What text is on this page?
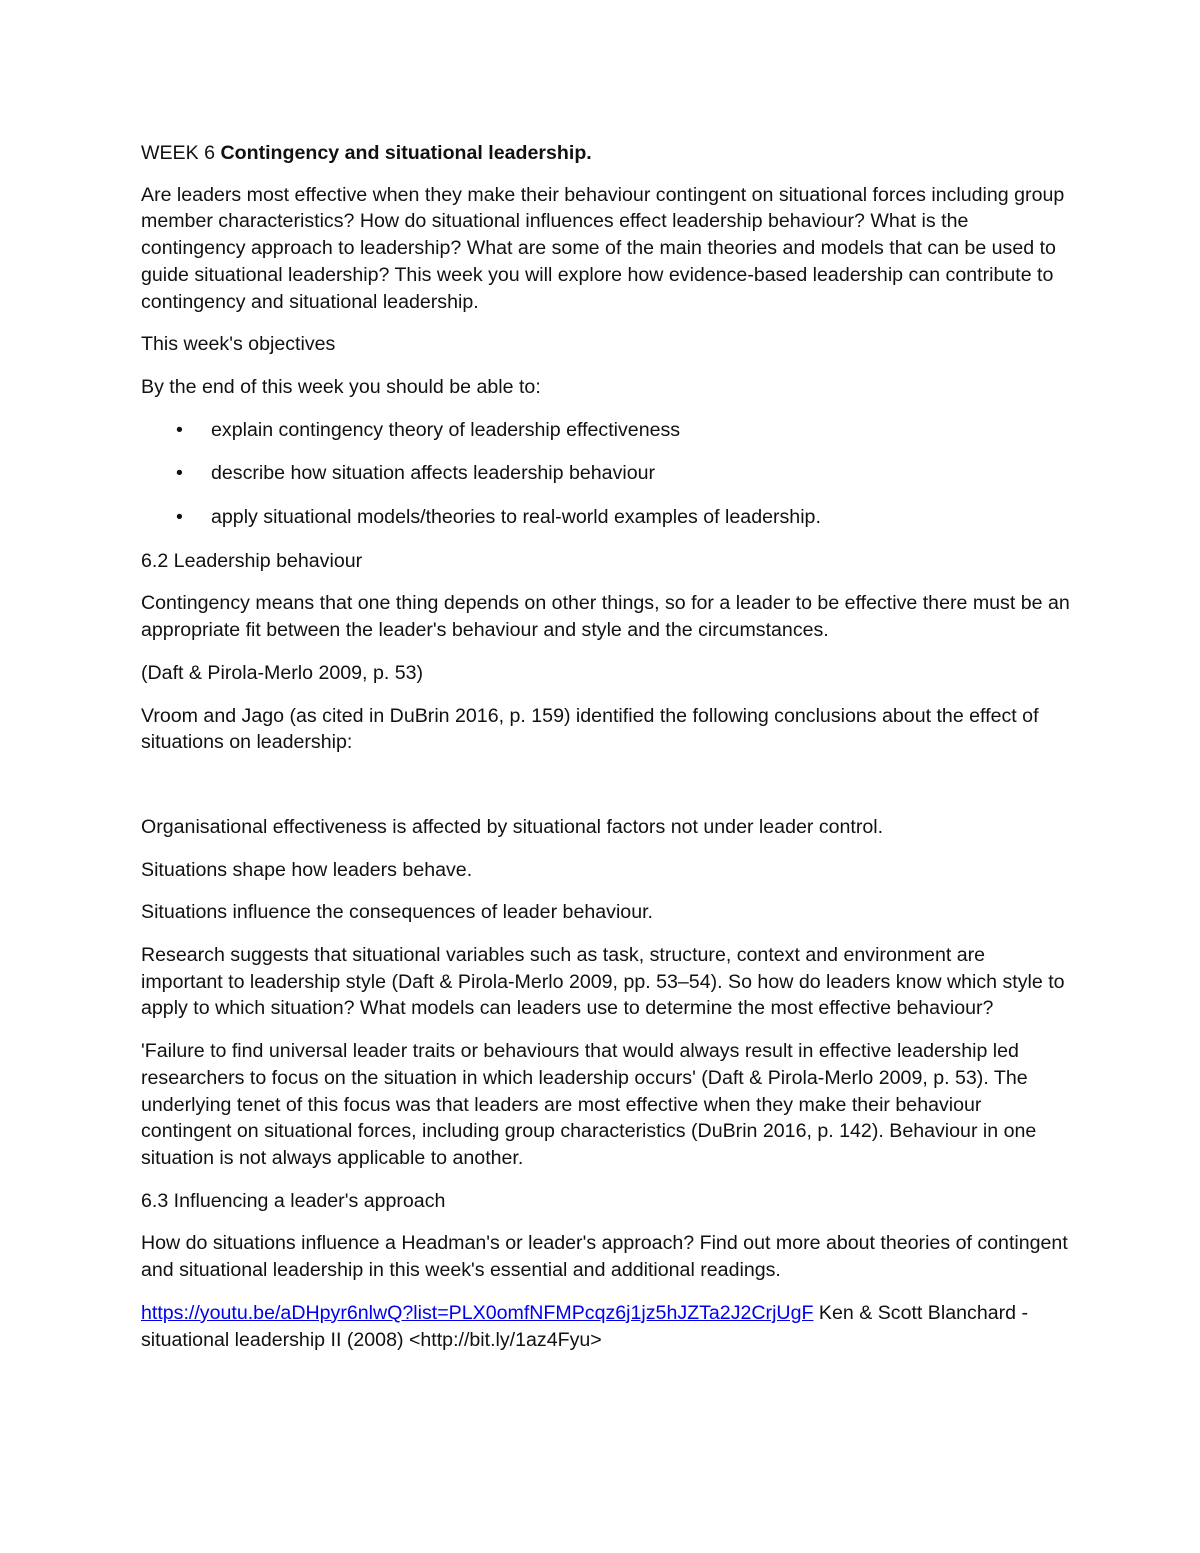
WEEK 6 Contingency and situational leadership.

Are leaders most effective when they make their behaviour contingent on situational forces including group member characteristics? How do situational influences effect leadership behaviour? What is the contingency approach to leadership? What are some of the main theories and models that can be used to guide situational leadership? This week you will explore how evidence-based leadership can contribute to contingency and situational leadership.

This week's objectives

By the end of this week you should be able to:

• explain contingency theory of leadership effectiveness
• describe how situation affects leadership behaviour
• apply situational models/theories to real-world examples of leadership.

6.2 Leadership behaviour

Contingency means that one thing depends on other things, so for a leader to be effective there must be an appropriate fit between the leader's behaviour and style and the circumstances.

(Daft & Pirola-Merlo 2009, p. 53)

Vroom and Jago (as cited in DuBrin 2016, p. 159) identified the following conclusions about the effect of situations on leadership:

Organisational effectiveness is affected by situational factors not under leader control.

Situations shape how leaders behave.

Situations influence the consequences of leader behaviour.

Research suggests that situational variables such as task, structure, context and environment are important to leadership style (Daft & Pirola-Merlo 2009, pp. 53–54). So how do leaders know which style to apply to which situation? What models can leaders use to determine the most effective behaviour?

'Failure to find universal leader traits or behaviours that would always result in effective leadership led researchers to focus on the situation in which leadership occurs' (Daft & Pirola-Merlo 2009, p. 53). The underlying tenet of this focus was that leaders are most effective when they make their behaviour contingent on situational forces, including group characteristics (DuBrin 2016, p. 142). Behaviour in one situation is not always applicable to another.

6.3 Influencing a leader's approach

How do situations influence a Headman's or leader's approach? Find out more about theories of contingent and situational leadership in this week's essential and additional readings.

https://youtu.be/aDHpyr6nlwQ?list=PLX0omfNFMPcqz6j1jz5hJZTa2J2CrjUgF Ken & Scott Blanchard - situational leadership II (2008) <http://bit.ly/1az4Fyu>
